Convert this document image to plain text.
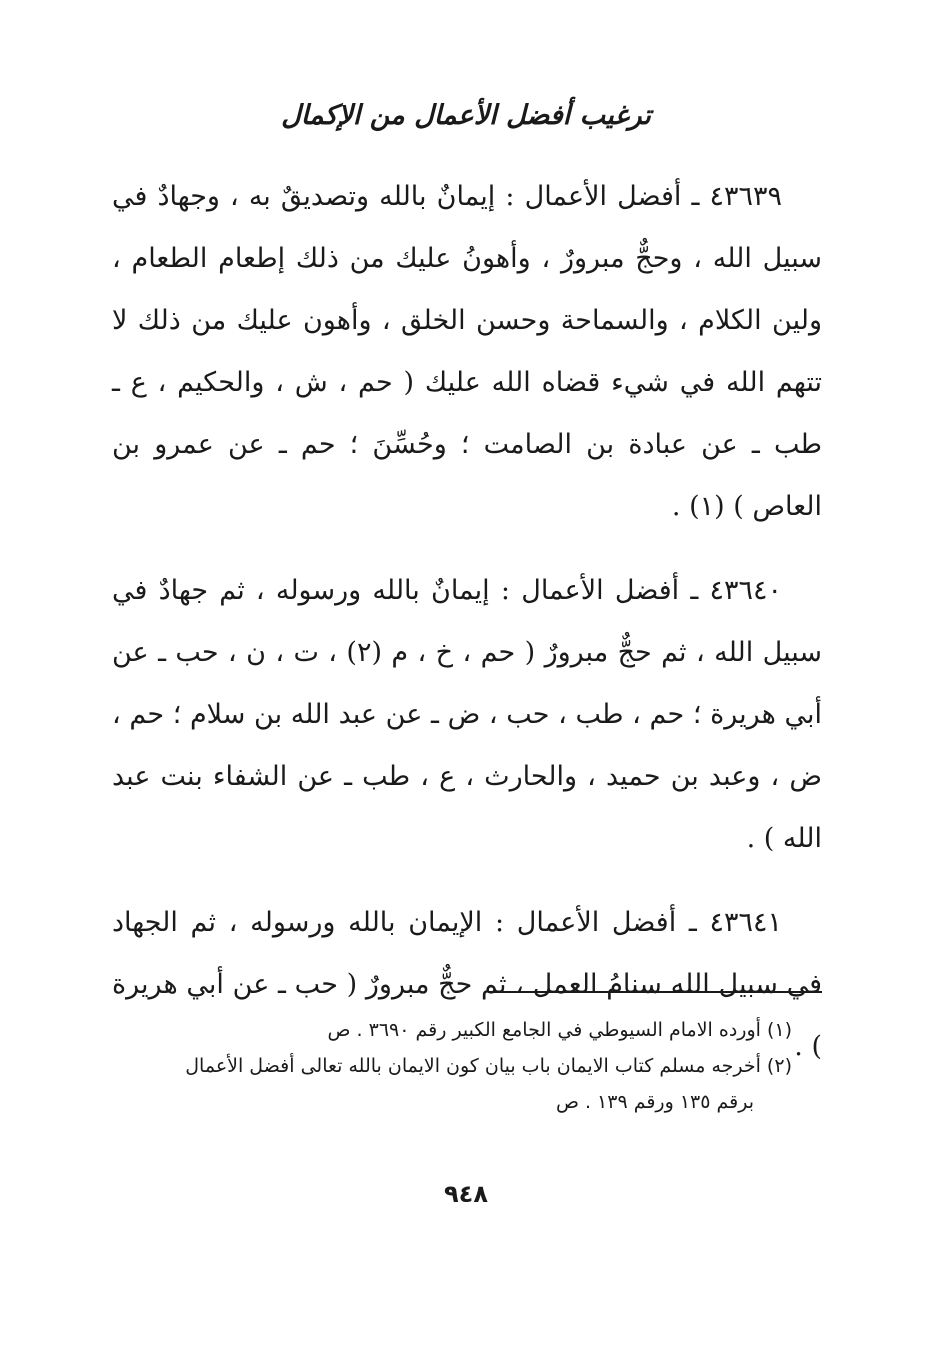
ترغيب أفضل الأعمال من الإكمال

٤٣٦٣٩ ـ أفضل الأعمال : إيمانٌ بالله وتصديقٌ به ، وجهادٌ في سبيل الله ، وحجٌّ مبرورٌ ، وأهونُ عليك من ذلك إطعام الطعام ، ولين الكلام ، والسماحة وحسن الخلق ، وأهون عليك من ذلك لا تتهم الله في شيء قضاه الله عليك ( حم ، ش ، والحكيم ، ع ـ طب ـ عن عبادة بن الصامت ؛ وحُسِّنَ ؛ حم ـ عن عمرو بن العاص ) (١) .

٤٣٦٤٠ ـ أفضل الأعمال : إيمانٌ بالله ورسوله ، ثم جهادٌ في سبيل الله ، ثم حجٌّ مبرورٌ ( حم ، خ ، م (٢) ، ت ، ن ، حب ـ عن أبي هريرة ؛ حم ، طب ، حب ، ض ـ عن عبد الله بن سلام ؛ حم ، ض ، وعبد بن حميد ، والحارث ، ع ، طب ـ عن الشفاء بنت عبد الله ) .

٤٣٦٤١ ـ أفضل الأعمال : الإيمان بالله ورسوله ، ثم الجهاد في سبيل الله سنامُ العمل ، ثم حجٌّ مبرورٌ ( حب ـ عن أبي هريرة ) .

(١) أورده الامام السيوطي في الجامع الكبير رقم ٣٦٩٠ . ص

(٢) أخرجه مسلم كتاب الايمان باب بيان كون الايمان بالله تعالى أفضل الأعمال

برقم ١٣٥ ورقم ١٣٩ . ص

٩٤٨
